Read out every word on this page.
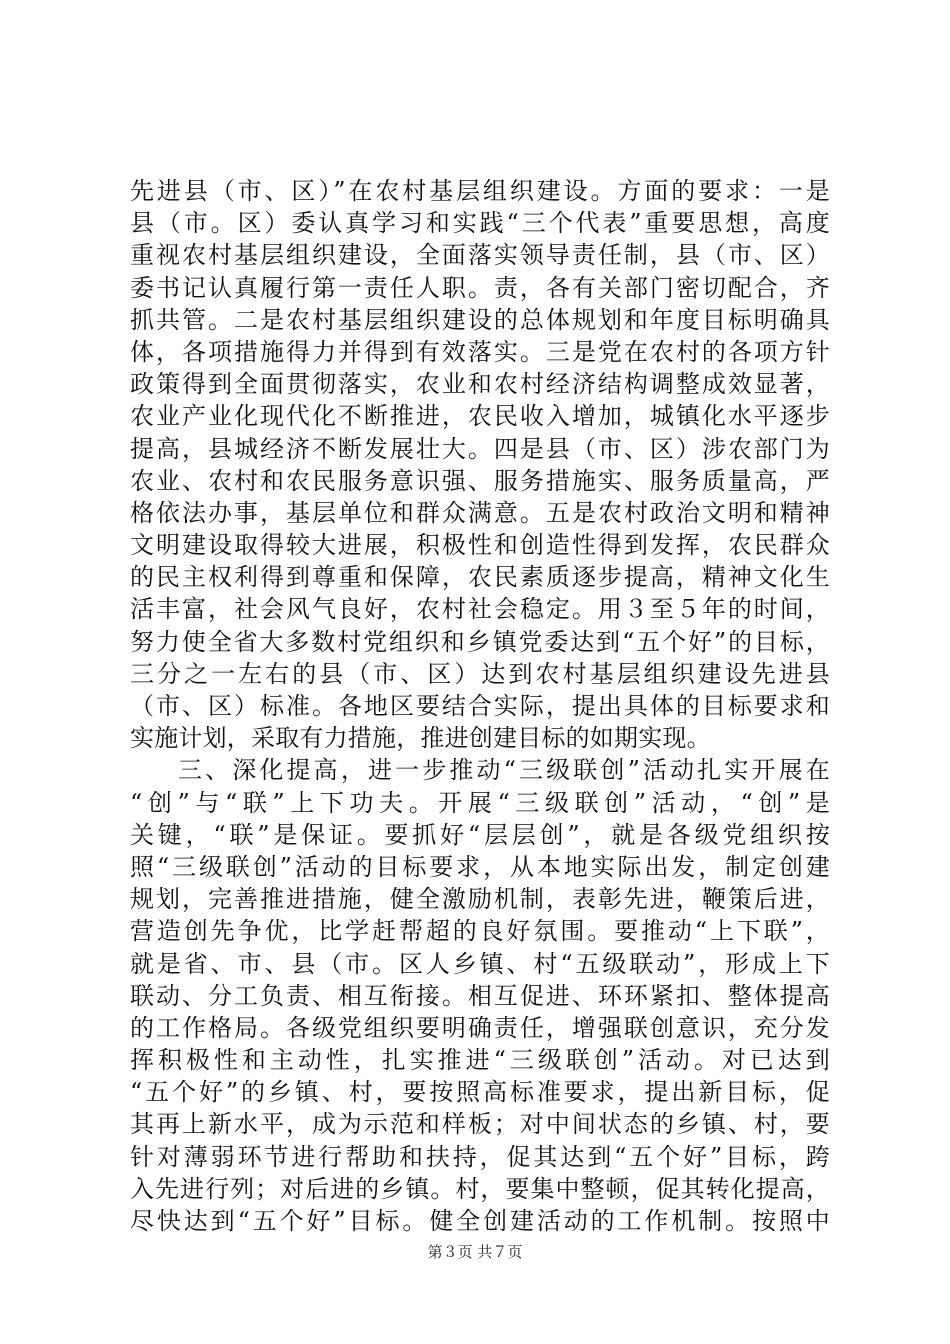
先进县（市、区）”在农村基层组织建设。方面的要求：一是
县（市。区）委认真学习和实践“三个代表”重要思想，高度
重视农村基层组织建设，全面落实领导责任制，县（市、区）
委书记认真履行第一责任人职。责，各有关部门密切配合，齐
抓共管。二是农村基层组织建设的总体规划和年度目标明确具
体，各项措施得力并得到有效落实。三是党在农村的各项方针
政策得到全面贯彻落实，农业和农村经济结构调整成效显著，
农业产业化现代化不断推进，农民收入增加，城镇化水平逐步
提高，县城经济不断发展壮大。四是县（市、区）涉农部门为
农业、农村和农民服务意识强、服务措施实、服务质量高，严
格依法办事，基层单位和群众满意。五是农村政治文明和精神
文明建设取得较大进展，积极性和创造性得到发挥，农民群众
的民主权利得到尊重和保障，农民素质逐步提高，精神文化生
活丰富，社会风气良好，农村社会稳定。用３至５年的时间，
努力使全省大多数村党组织和乡镇党委达到“五个好”的目标，
三分之一左右的县（市、区）达到农村基层组织建设先进县
（市、区）标准。各地区要结合实际，提出具体的目标要求和
实施计划，采取有力措施，推进创建目标的如期实现。
三、深化提高，进一步推动“三级联创”活动扎实开展在
“创”与“联”上下功夫。开展“三级联创”活动，“创”是
关键，“联”是保证。要抓好“层层创”，就是各级党组织按
照“三级联创”活动的目标要求，从本地实际出发，制定创建
规划，完善推进措施，健全激励机制，表彰先进，鞭策后进，
营造创先争优，比学赶帮超的良好氛围。要推动“上下联”，
就是省、市、县（市。区人乡镇、村“五级联动”，形成上下
联动、分工负责、相互衔接。相互促进、环环紧扣、整体提高
的工作格局。各级党组织要明确责任，增强联创意识，充分发
挥积极性和主动性，扎实推进“三级联创”活动。对已达到
“五个好”的乡镇、村，要按照高标准要求，提出新目标，促
其再上新水平，成为示范和样板；对中间状态的乡镇、村，要
针对薄弱环节进行帮助和扶持，促其达到“五个好”目标，跨
入先进行列；对后进的乡镇。村，要集中整顿，促其转化提高，
尽快达到“五个好”目标。健全创建活动的工作机制。按照中
第３页 共７页
